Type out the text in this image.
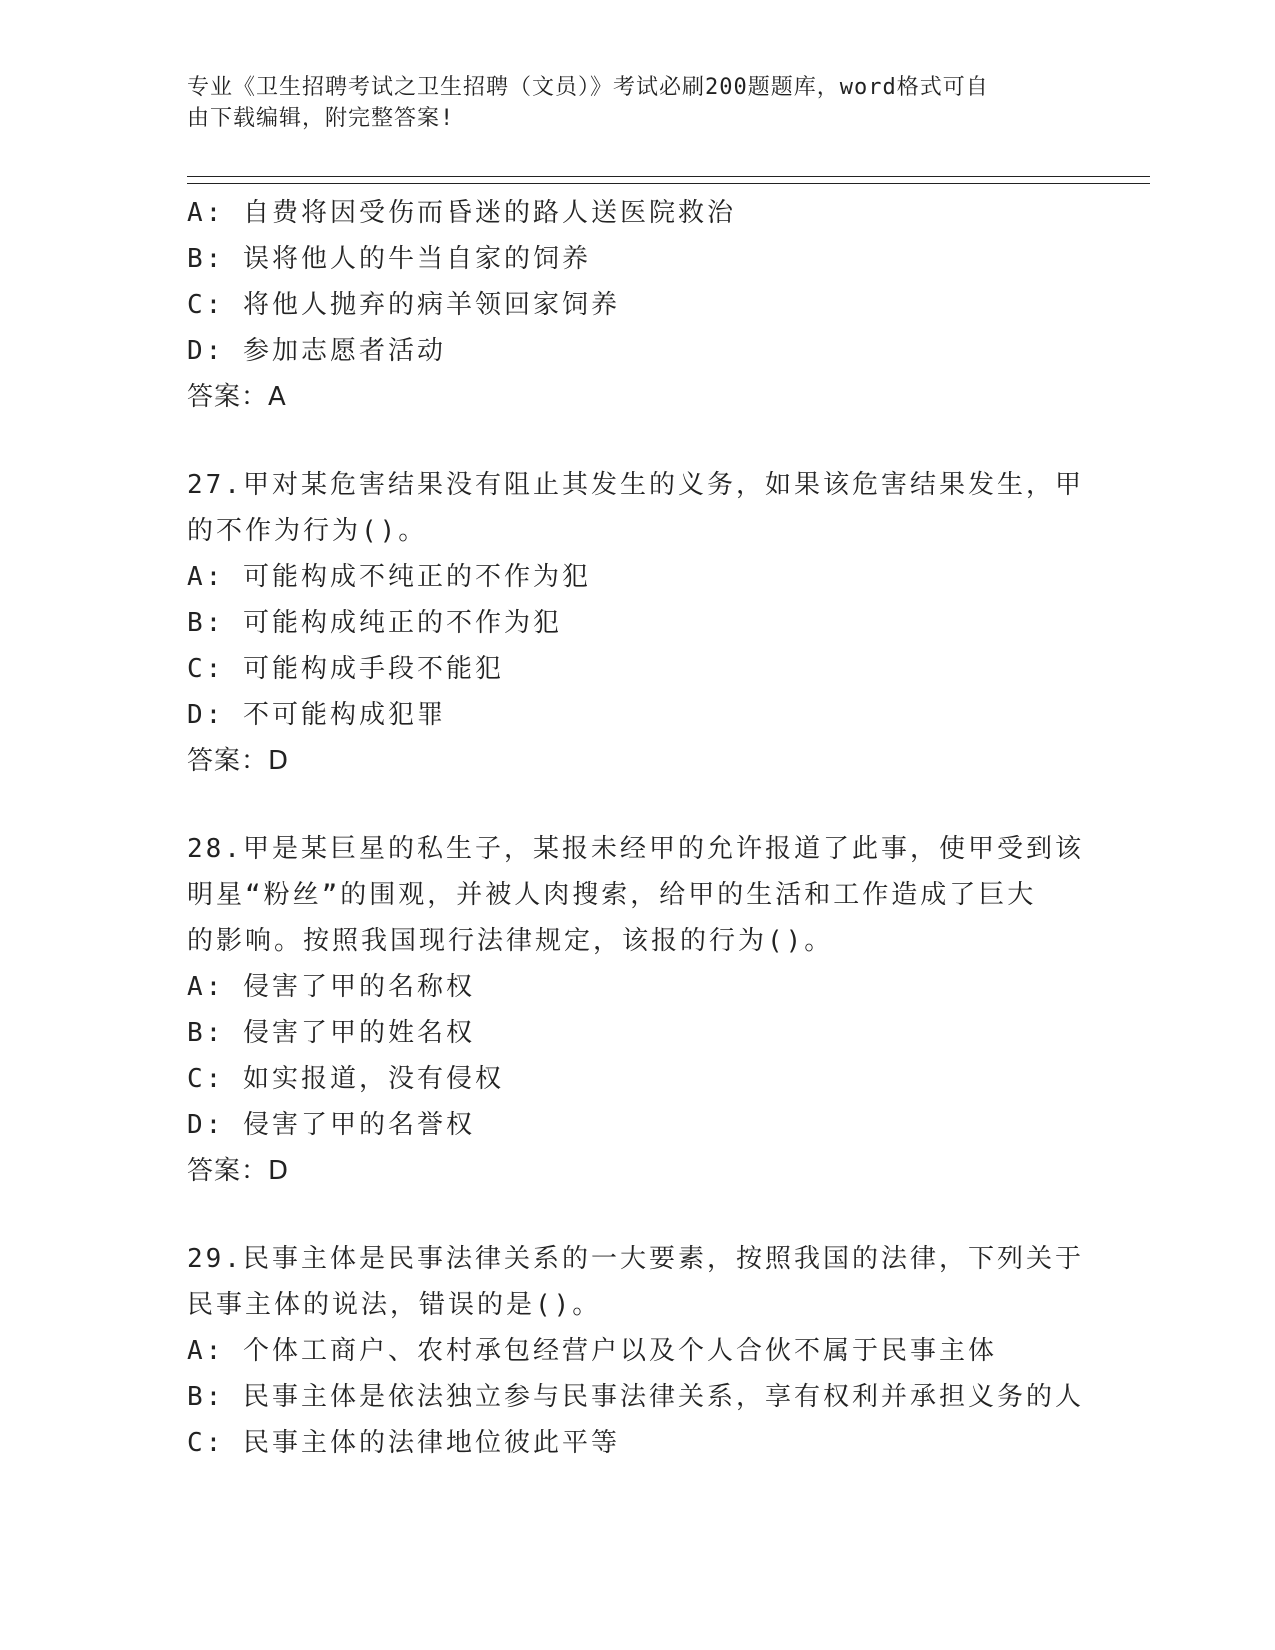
专业《卫生招聘考试之卫生招聘（文员）》考试必刷200题题库，word格式可自
由下载编辑，附完整答案!
A: 自费将因受伤而昏迷的路人送医院救治
B: 误将他人的牛当自家的饲养
C: 将他人抛弃的病羊领回家饲养
D: 参加志愿者活动
答案：A
27.甲对某危害结果没有阻止其发生的义务，如果该危害结果发生，甲
的不作为行为()。
A: 可能构成不纯正的不作为犯
B: 可能构成纯正的不作为犯
C: 可能构成手段不能犯
D: 不可能构成犯罪
答案：D
28.甲是某巨星的私生子，某报未经甲的允许报道了此事，使甲受到该
明星“粉丝”的围观，并被人肉搜索，给甲的生活和工作造成了巨大
的影响。按照我国现行法律规定，该报的行为()。
A: 侵害了甲的名称权
B: 侵害了甲的姓名权
C: 如实报道，没有侵权
D: 侵害了甲的名誉权
答案：D
29.民事主体是民事法律关系的一大要素，按照我国的法律，下列关于
民事主体的说法，错误的是()。
A: 个体工商户、农村承包经营户以及个人合伙不属于民事主体
B: 民事主体是依法独立参与民事法律关系，享有权利并承担义务的人
C: 民事主体的法律地位彼此平等
